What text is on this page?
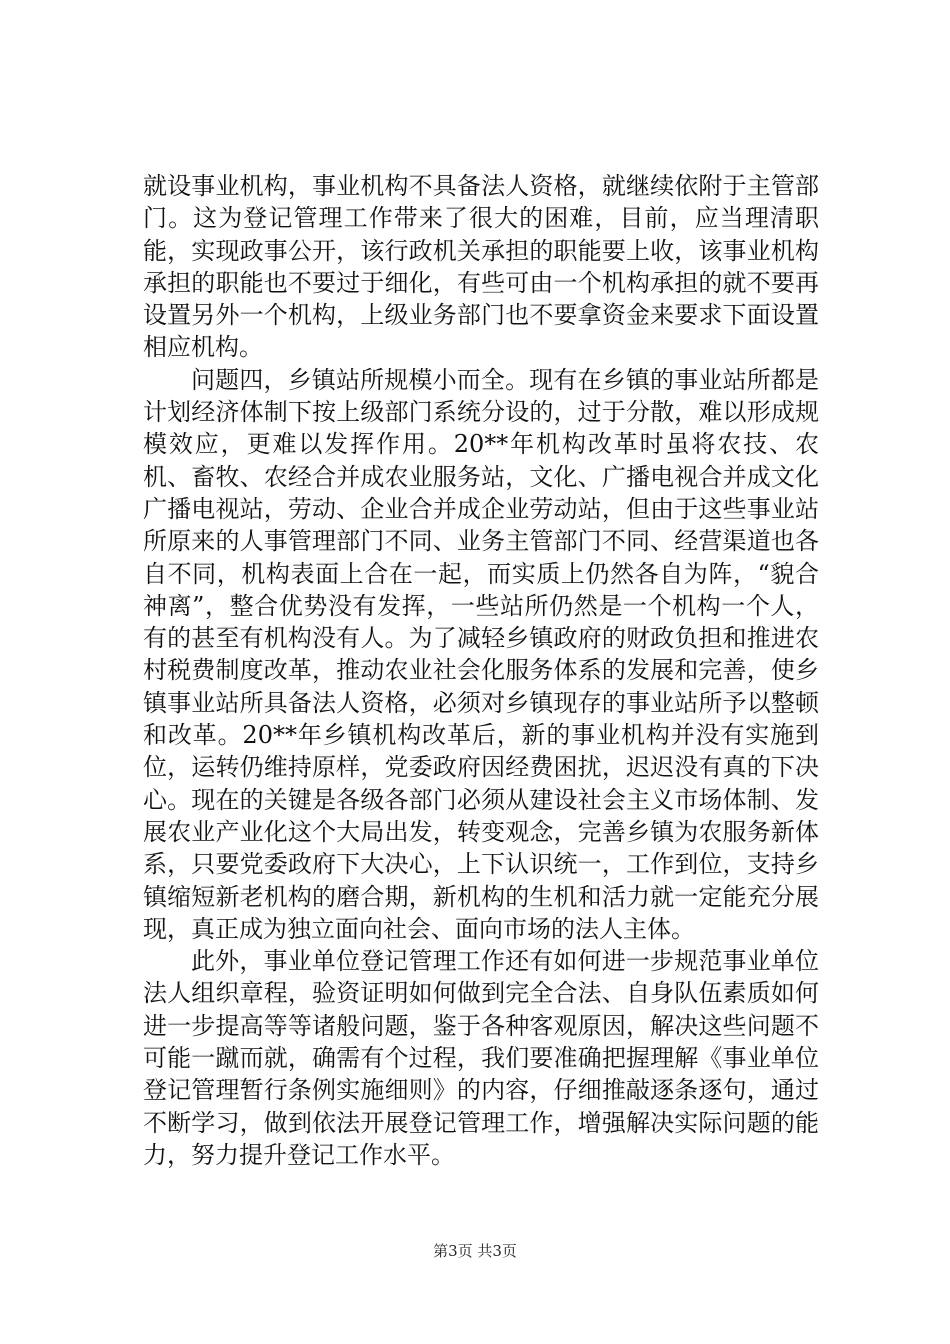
就设事业机构，事业机构不具备法人资格，就继续依附于主管部门。这为登记管理工作带来了很大的困难，目前，应当理清职能，实现政事公开，该行政机关承担的职能要上收，该事业机构承担的职能也不要过于细化，有些可由一个机构承担的就不要再设置另外一个机构，上级业务部门也不要拿资金来要求下面设置相应机构。

问题四，乡镇站所规模小而全。现有在乡镇的事业站所都是计划经济体制下按上级部门系统分设的，过于分散，难以形成规模效应，更难以发挥作用。20**年机构改革时虽将农技、农机、畜牧、农经合并成农业服务站，文化、广播电视合并成文化广播电视站，劳动、企业合并成企业劳动站，但由于这些事业站所原来的人事管理部门不同、业务主管部门不同、经营渠道也各自不同，机构表面上合在一起，而实质上仍然各自为阵，“貌合神离”，整合优势没有发挥，一些站所仍然是一个机构一个人，有的甚至有机构没有人。为了减轻乡镇政府的财政负担和推进农村税费制度改革，推动农业社会化服务体系的发展和完善，使乡镇事业站所具备法人资格，必须对乡镇现存的事业站所予以整顿和改革。20**年乡镇机构改革后，新的事业机构并没有实施到位，运转仍维持原样，党委政府因经费困扰，迟迟没有真的下决心。现在的关键是各级各部门必须从建设社会主义市场体制、发展农业产业化这个大局出发，转变观念，完善乡镇为农服务新体系，只要党委政府下大决心，上下认识统一，工作到位，支持乡镇缩短新老机构的磨合期，新机构的生机和活力就一定能充分展现，真正成为独立面向社会、面向市场的法人主体。

此外，事业单位登记管理工作还有如何进一步规范事业单位法人组织章程，验资证明如何做到完全合法、自身队伍素质如何进一步提高等等诸般问题，鉴于各种客观原因，解决这些问题不可能一蹴而就，确需有个过程，我们要准确把握理解《事业单位登记管理暂行条例实施细则》的内容，仔细推敲逐条逐句，通过不断学习，做到依法开展登记管理工作，增强解决实际问题的能力，努力提升登记工作水平。

第3页 共3页
